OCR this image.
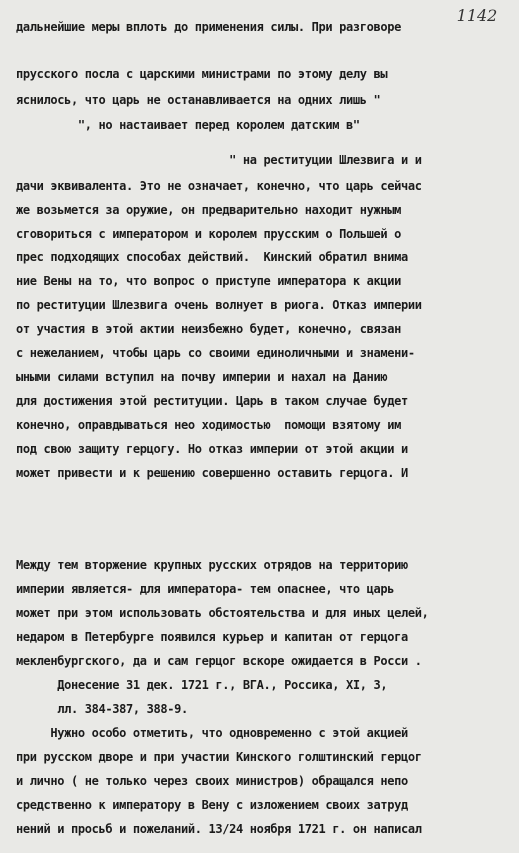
1142
дальнейшие меры вплоть до применения силы. При разговоре
прусского посла с царскими министрами по этому делу вы
яснилось, что царь не останавливается на одних лишь "
", но настаивает перед королем датским в"
" на реституции Шлезвига и и
дачи эквивалента. Это не означает, конечно, что царь сейчас
же возьмется за оружие, он предварительно находит нужным
сговориться с императором и королем прусским о Польшей о
прес подходящих способах действий.  Кинский обратил внима
ние Вены на то, что вопрос о приступе императора к акции
по реституции Шлезвига очень волнует в риога. Отказ империи
от участия в этой актии неизбежно будет, конечно, связан
с нежеланием, чтобы царь со своими единоличными и знамени-
ыными силами вступил на почву империи и нахал на Данию
для достижения этой реституции. Царь в таком случае будет
конечно, оправдываться нео ходимостью  помощи взятому им
под свою защиту герцогу. Но отказ империи от этой акции и
может привести и к решению совершенно оставить герцога. И
Между тем вторжение крупных русских отрядов на территорию
империи является- для императора- тем опаснее, что царь
может при этом использовать обстоятельства и для иных целей,
недаром в Петербурге появился курьер и капитан от герцога
мекленбургского, да и сам герцог вскоре ожидается в Росси .
Донесение 31 дек. 1721 г., ВГА., Россика, XI, 3,
лл. 384-387, 388-9.
Нужно особо отметить, что одновременно с этой акцией
при русском дворе и при участии Кинского голштинский герцог
и лично ( не только через своих министров) обращался непо
средственно к императору в Вену с изложением своих затруд
нений и просьб и пожеланий. 13/24 ноября 1721 г. он написал
